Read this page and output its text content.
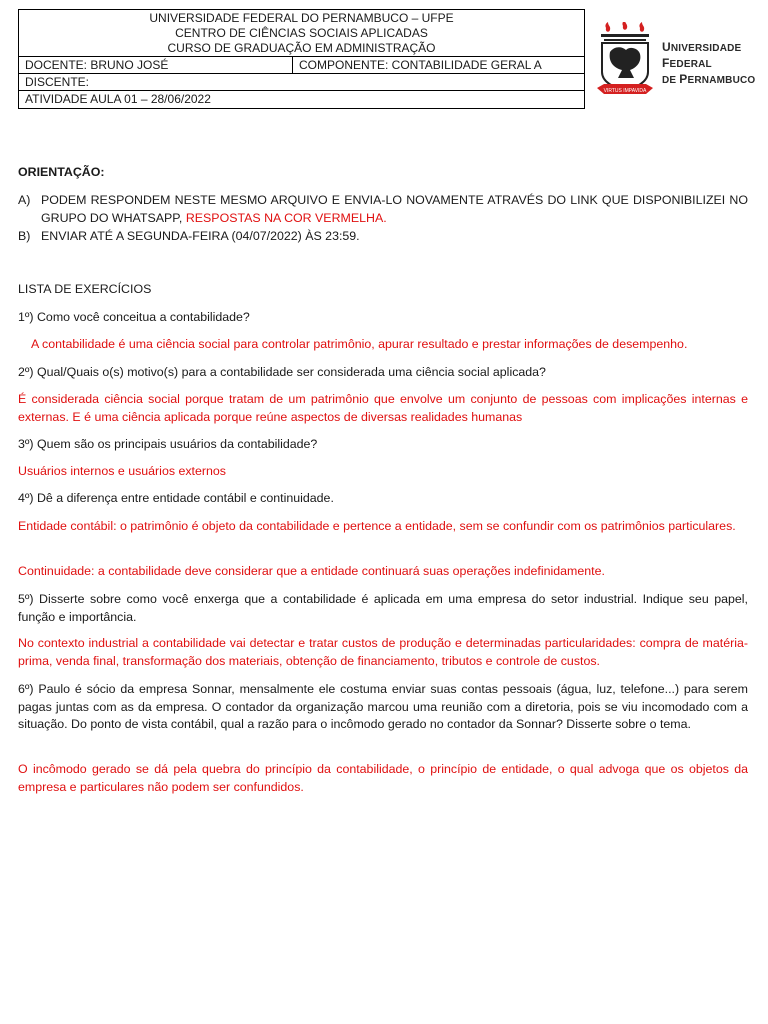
UNIVERSIDADE FEDERAL DO PERNAMBUCO – UFPE
CENTRO DE CIÊNCIAS SOCIAIS APLICADAS
CURSO DE GRADUAÇÃO EM ADMINISTRAÇÃO
DOCENTE: BRUNO JOSÉ	COMPONENTE: CONTABILIDADE GERAL A
DISCENTE:
ATIVIDADE AULA 01 – 28/06/2022
VIRTUS IMPAVIDA
UNIVERSIDADE
FEDERAL
DE PERNAMBUCO
ORIENTAÇÃO:
A) PODEM RESPONDEM NESTE MESMO ARQUIVO E ENVIA-LO NOVAMENTE ATRAVÉS DO LINK QUE DISPONIBILIZEI NO GRUPO DO WHATSAPP, RESPOSTAS NA COR VERMELHA.
B) ENVIAR ATÉ A SEGUNDA-FEIRA (04/07/2022) ÀS 23:59.
LISTA DE EXERCÍCIOS
1º) Como você conceitua a contabilidade?
A contabilidade é uma ciência social para controlar patrimônio, apurar resultado e prestar informações de desempenho.
2º) Qual/Quais o(s) motivo(s) para a contabilidade ser considerada uma ciência social aplicada?
É considerada ciência social porque tratam de um patrimônio que envolve um conjunto de pessoas com implicações internas e externas. E é uma ciência aplicada porque reúne aspectos de diversas realidades humanas
3º) Quem são os principais usuários da contabilidade?
Usuários internos e usuários externos
4º) Dê a diferença entre entidade contábil e continuidade.
Entidade contábil: o patrimônio é objeto da contabilidade e pertence a entidade, sem se confundir com os patrimônios particulares.
Continuidade: a contabilidade deve considerar que a entidade continuará suas operações indefinidamente.
5º) Disserte sobre como você enxerga que a contabilidade é aplicada em uma empresa do setor industrial. Indique seu papel, função e importância.
No contexto industrial a contabilidade vai detectar e tratar custos de produção e determinadas particularidades: compra de matéria-prima, venda final, transformação dos materiais, obtenção de financiamento, tributos e controle de custos.
6º) Paulo é sócio da empresa Sonnar, mensalmente ele costuma enviar suas contas pessoais (água, luz, telefone...) para serem pagas juntas com as da empresa. O contador da organização marcou uma reunião com a diretoria, pois se viu incomodado com a situação. Do ponto de vista contábil, qual a razão para o incômodo gerado no contador da Sonnar? Disserte sobre o tema.
O incômodo gerado se dá pela quebra do princípio da contabilidade, o princípio de entidade, o qual advoga que os objetos da empresa e particulares não podem ser confundidos.
